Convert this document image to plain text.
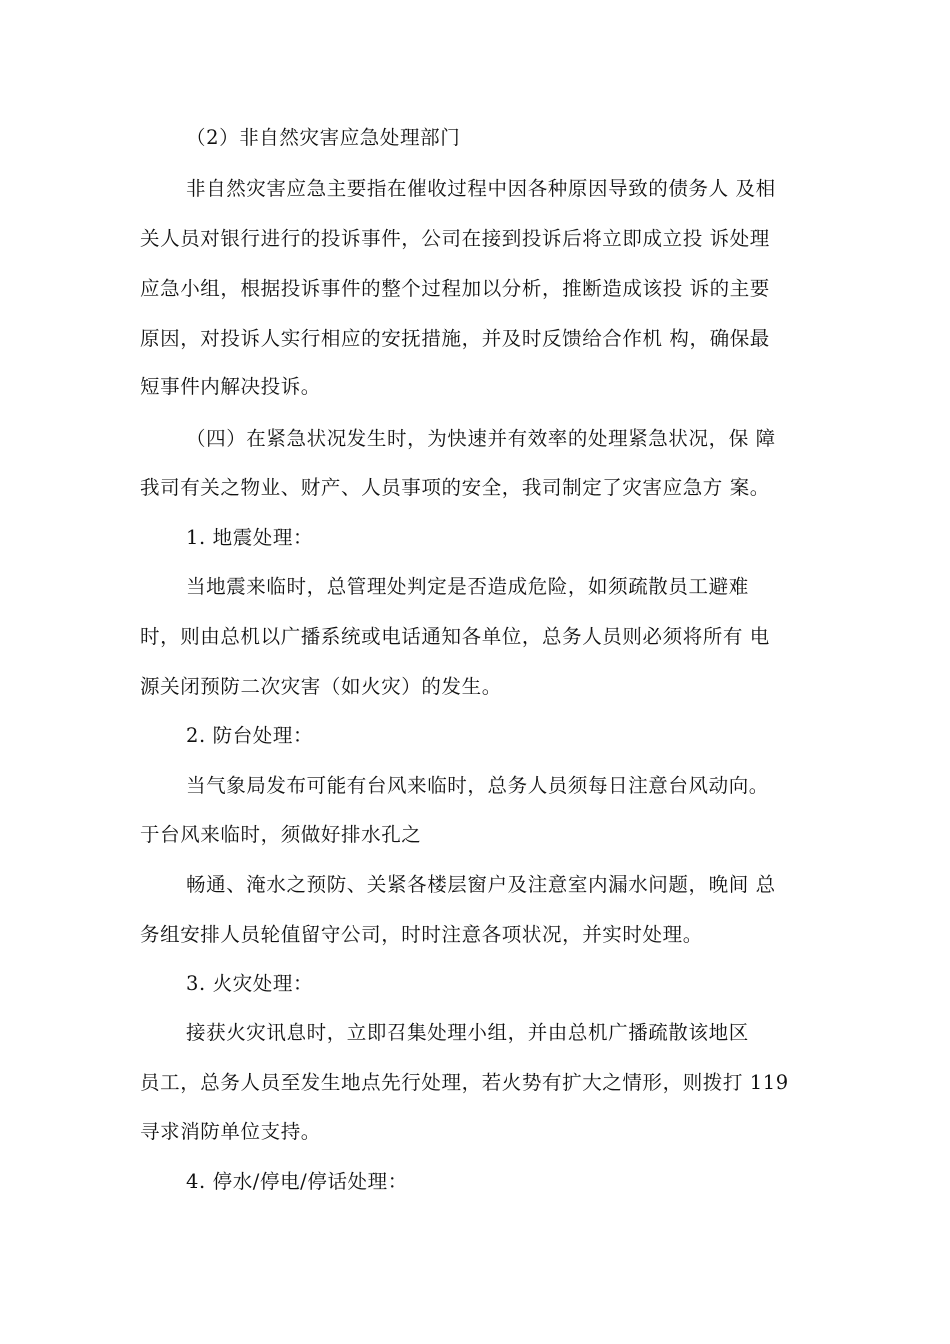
（2）非自然灾害应急处理部门
非自然灾害应急主要指在催收过程中因各种原因导致的债务人 及相
关人员对银行进行的投诉事件，公司在接到投诉后将立即成立投 诉处理
应急小组，根据投诉事件的整个过程加以分析，推断造成该投 诉的主要
原因，对投诉人实行相应的安抚措施，并及时反馈给合作机 构，确保最
短事件内解决投诉。
（四）在紧急状况发生时，为快速并有效率的处理紧急状况，保 障
我司有关之物业、财产、人员事项的安全，我司制定了灾害应急方 案。
1. 地震处理：
当地震来临时，总管理处判定是否造成危险，如须疏散员工避难
时，则由总机以广播系统或电话通知各单位，总务人员则必须将所有 电
源关闭预防二次灾害（如火灾）的发生。
2. 防台处理：
当气象局发布可能有台风来临时，总务人员须每日注意台风动向。
于台风来临时，须做好排水孔之
畅通、淹水之预防、关紧各楼层窗户及注意室内漏水问题，晚间 总
务组安排人员轮值留守公司，时时注意各项状况，并实时处理。
3. 火灾处理：
接获火灾讯息时，立即召集处理小组，并由总机广播疏散该地区
员工，总务人员至发生地点先行处理，若火势有扩大之情形，则拨打 119
寻求消防单位支持。
4. 停水/停电/停话处理：
